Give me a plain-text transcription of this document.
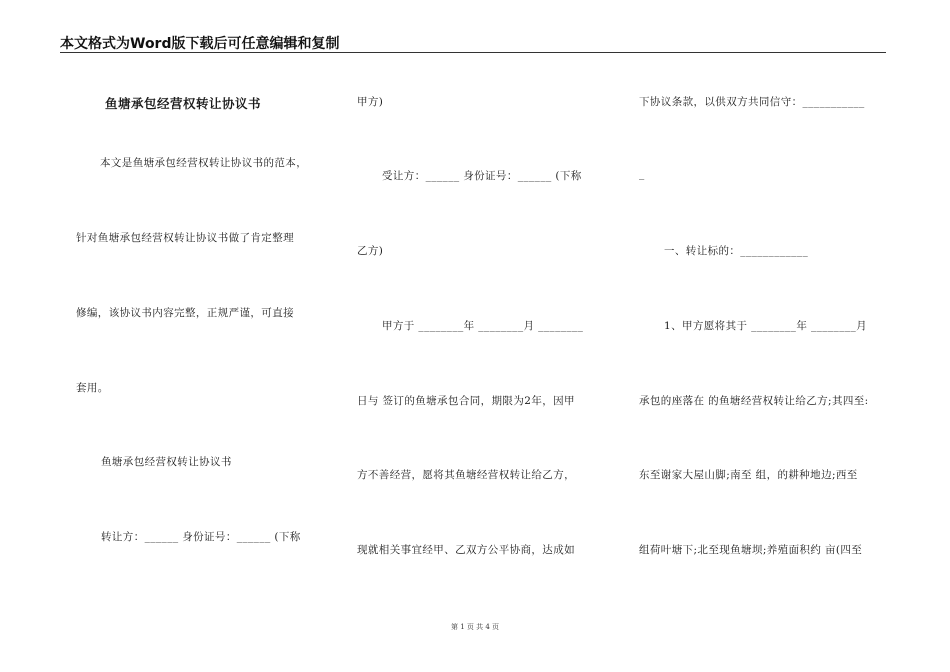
本文格式为Word版下载后可任意编辑和复制
鱼塘承包经营权转让协议书
本文是鱼塘承包经营权转让协议书的范本，
针对鱼塘承包经营权转让协议书做了肯定整理
修编，该协议书内容完整，正规严谨，可直接
套用。
鱼塘承包经营权转让协议书
转让方：______ 身份证号：______ (下称
甲方)
受让方：______ 身份证号：______ (下称
乙方)
甲方于 ________年 ________月 ________
日与 签订的鱼塘承包合同，期限为2年，因甲
方不善经营，愿将其鱼塘经营权转让给乙方，
现就相关事宜经甲、乙双方公平协商，达成如
下协议条款，以供双方共同信守：___________
_
一、转让标的：____________
1、甲方愿将其于 ________年 ________月
承包的座落在 的鱼塘经营权转让给乙方;其四至:
东至谢家大屋山脚;南至 组，的耕种地边;西至
组荷叶塘下;北至现鱼塘坝;养殖面积约 亩(四至
第 1 页 共 4 页
